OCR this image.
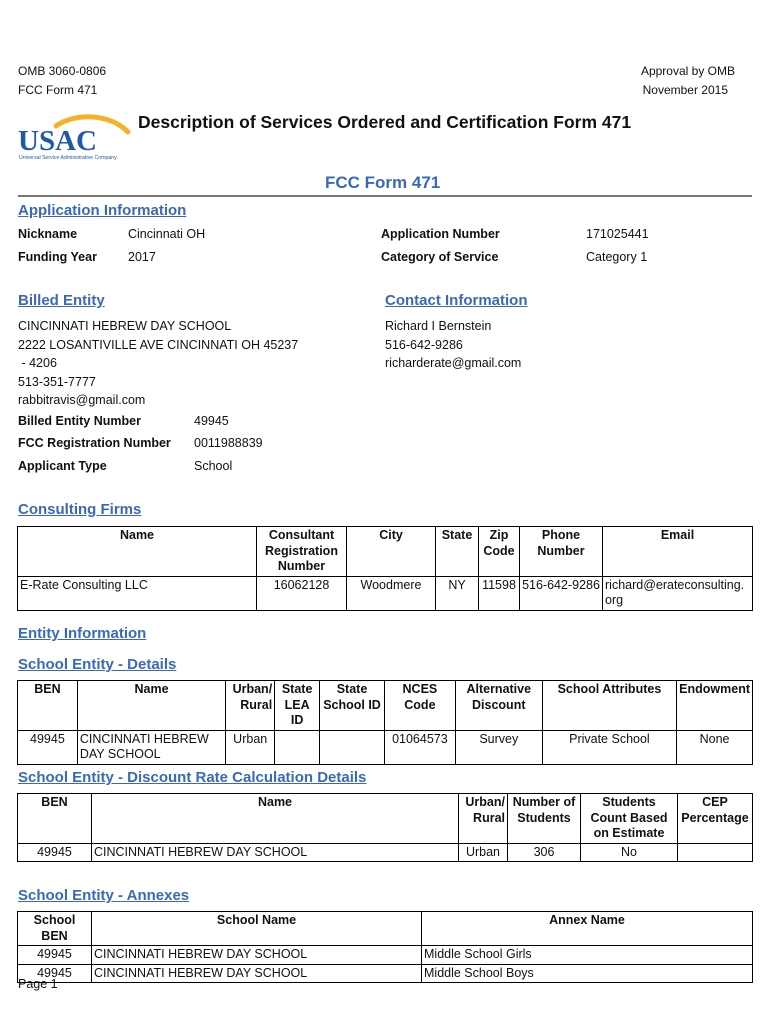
OMB 3060-0806
FCC Form 471
Approval by OMB
November 2015
USAC
Universal Service Administrative Company
Description of Services Ordered and Certification Form 471
FCC Form 471
Application Information
Nickname	Cincinnati OH	Application Number	171025441
Funding Year 2017	Category of Service	Category 1
Billed Entity
CINCINNATI HEBREW DAY SCHOOL
2222 LOSANTIVILLE AVE CINCINNATI OH 45237
- 4206
513-351-7777
rabbitravis@gmail.com
Contact Information
Richard I Bernstein
516-642-9286
richarderate@gmail.com
Billed Entity Number	49945
FCC Registration Number 0011988839
Applicant Type	School
Consulting Firms
Name	Consultant Registration Number	City	State	Zip Code	Phone Number	Email
E-Rate Consulting LLC	16062128	Woodmere	NY	11598	516-642-9286	richard@erateconsulting.org
Entity Information
School Entity - Details
BEN	Name	Urban/ Rural	State LEA ID	State School ID	NCES Code	Alternative Discount	School Attributes	Endowment
49945	CINCINNATI HEBREW DAY SCHOOL	Urban			01064573	Survey	Private School	None
School Entity - Discount Rate Calculation Details
BEN	Name	Urban/ Rural	Number of Students	Students Count Based on Estimate	CEP Percentage
49945	CINCINNATI HEBREW DAY SCHOOL	Urban	306	No	
School Entity - Annexes
School BEN	School Name	Annex Name
49945	CINCINNATI HEBREW DAY SCHOOL	Middle School Girls
49945	CINCINNATI HEBREW DAY SCHOOL	Middle School Boys
Page 1
